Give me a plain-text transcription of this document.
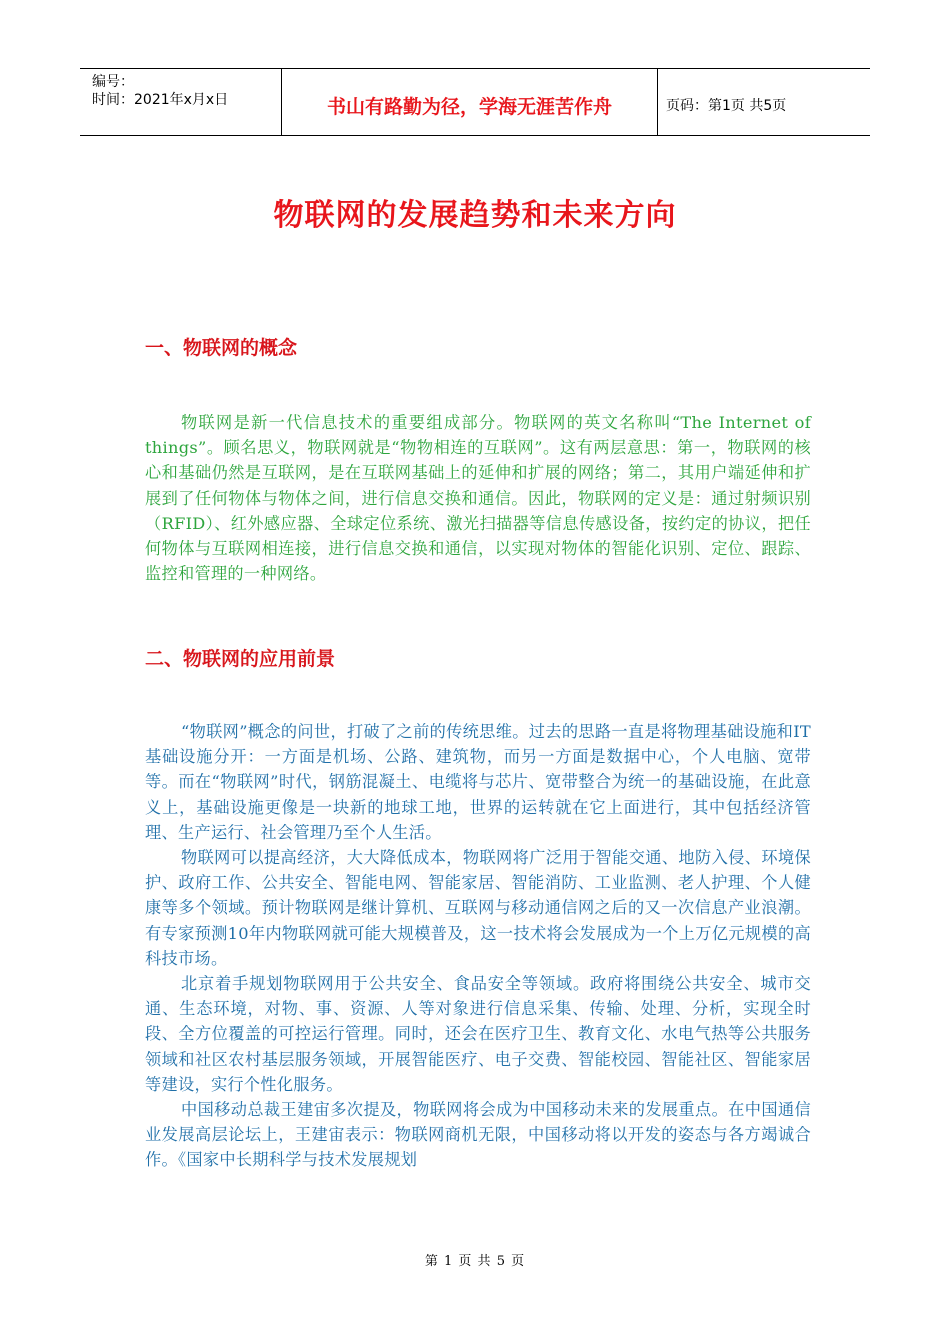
编号：
时间：2021年x月x日	书山有路勤为径，学海无涯苦作舟	页码：第1页 共5页
物联网的发展趋势和未来方向
一、物联网的概念

物联网是新一代信息技术的重要组成部分。物联网的英文名称叫“The Internet of things”。顾名思义，物联网就是“物物相连的互联网”。这有两层意思：第一，物联网的核心和基础仍然是互联网，是在互联网基础上的延伸和扩展的网络；第二，其用户端延伸和扩展到了任何物体与物体之间，进行信息交换和通信。因此，物联网的定义是：通过射频识别（RFID）、红外感应器、全球定位系统、激光扫描器等信息传感设备，按约定的协议，把任何物体与互联网相连接，进行信息交换和通信，以实现对物体的智能化识别、定位、跟踪、监控和管理的一种网络。

二、物联网的应用前景

“物联网”概念的问世，打破了之前的传统思维。过去的思路一直是将物理基础设施和IT基础设施分开：一方面是机场、公路、建筑物，而另一方面是数据中心，个人电脑、宽带等。而在“物联网”时代，钢筋混凝土、电缆将与芯片、宽带整合为统一的基础设施，在此意义上，基础设施更像是一块新的地球工地，世界的运转就在它上面进行，其中包括经济管理、生产运行、社会管理乃至个人生活。

物联网可以提高经济，大大降低成本，物联网将广泛用于智能交通、地防入侵、环境保护、政府工作、公共安全、智能电网、智能家居、智能消防、工业监测、老人护理、个人健康等多个领域。预计物联网是继计算机、互联网与移动通信网之后的又一次信息产业浪潮。有专家预测10年内物联网就可能大规模普及，这一技术将会发展成为一个上万亿元规模的高科技市场。

北京着手规划物联网用于公共安全、食品安全等领域。政府将围绕公共安全、城市交通、生态环境，对物、事、资源、人等对象进行信息采集、传输、处理、分析，实现全时段、全方位覆盖的可控运行管理。同时，还会在医疗卫生、教育文化、水电气热等公共服务领域和社区农村基层服务领域，开展智能医疗、电子交费、智能校园、智能社区、智能家居等建设，实行个性化服务。

中国移动总裁王建宙多次提及，物联网将会成为中国移动未来的发展重点。在中国通信业发展高层论坛上，王建宙表示：物联网商机无限，中国移动将以开发的姿态与各方竭诚合作。《国家中长期科学与技术发展规划

第 1 页 共 5 页
